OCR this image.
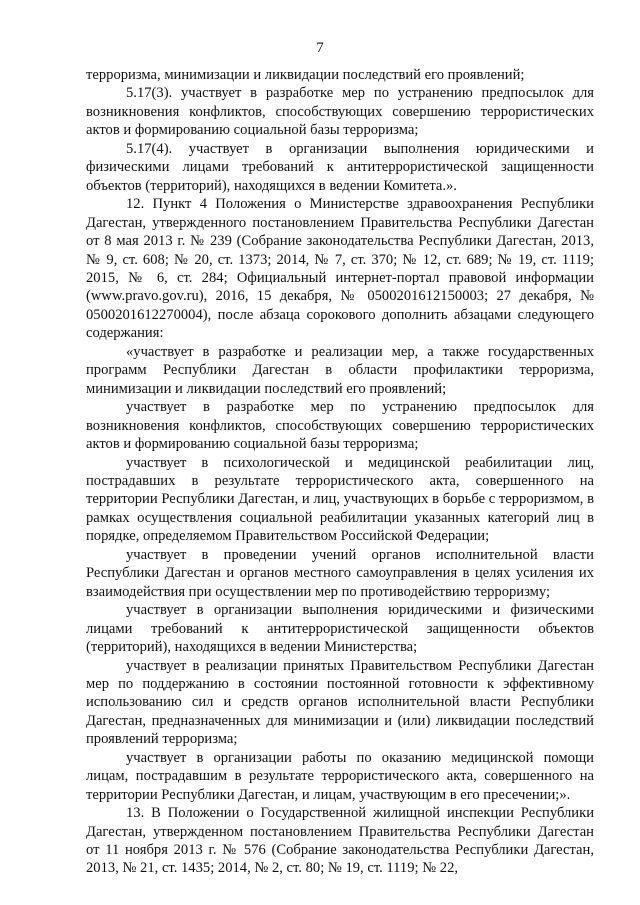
7

терроризма, минимизации и ликвидации последствий его проявлений;

5.17(3). участвует в разработке мер по устранению предпосылок для возникновения конфликтов, способствующих совершению террористических актов и формированию социальной базы терроризма;

5.17(4). участвует в организации выполнения юридическими и физическими лицами требований к антитеррористической защищенности объектов (территорий), находящихся в ведении Комитета.».

12. Пункт 4 Положения о Министерстве здравоохранения Республики Дагестан, утвержденного постановлением Правительства Республики Дагестан от 8 мая 2013 г. № 239 (Собрание законодательства Республики Дагестан, 2013, № 9, ст. 608; № 20, ст. 1373; 2014, № 7, ст. 370; № 12, ст. 689; № 19, ст. 1119; 2015, № 6, ст. 284; Официальный интернет-портал правовой информации (www.pravo.gov.ru), 2016, 15 декабря, № 0500201612150003; 27 декабря, № 0500201612270004), после абзаца сорокового дополнить абзацами следующего содержания:

«участвует в разработке и реализации мер, а также государственных программ Республики Дагестан в области профилактики терроризма, минимизации и ликвидации последствий его проявлений;

участвует в разработке мер по устранению предпосылок для возникновения конфликтов, способствующих совершению террористических актов и формированию социальной базы терроризма;

участвует в психологической и медицинской реабилитации лиц, пострадавших в результате террористического акта, совершенного на территории Республики Дагестан, и лиц, участвующих в борьбе с терроризмом, в рамках осуществления социальной реабилитации указанных категорий лиц в порядке, определяемом Правительством Российской Федерации;

участвует в проведении учений органов исполнительной власти Республики Дагестан и органов местного самоуправления в целях усиления их взаимодействия при осуществлении мер по противодействию терроризму;

участвует в организации выполнения юридическими и физическими лицами требований к антитеррористической защищенности объектов (территорий), находящихся в ведении Министерства;

участвует в реализации принятых Правительством Республики Дагестан мер по поддержанию в состоянии постоянной готовности к эффективному использованию сил и средств органов исполнительной власти Республики Дагестан, предназначенных для минимизации и (или) ликвидации последствий проявлений терроризма;

участвует в организации работы по оказанию медицинской помощи лицам, пострадавшим в результате террористического акта, совершенного на территории Республики Дагестан, и лицам, участвующим в его пресечении;».

13. В Положении о Государственной жилищной инспекции Республики Дагестан, утвержденном постановлением Правительства Республики Дагестан от 11 ноября 2013 г. № 576 (Собрание законодательства Республики Дагестан, 2013, № 21, ст. 1435; 2014, № 2, ст. 80; № 19, ст. 1119; № 22,
